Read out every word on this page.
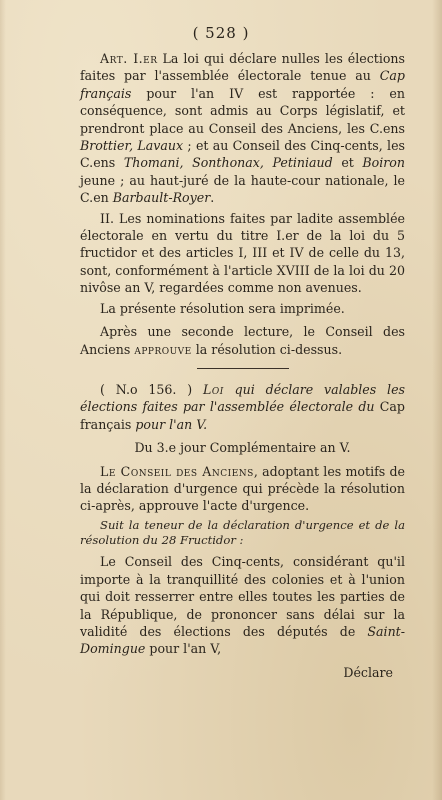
( 528 )

Art. I.er La loi qui déclare nulles les élections faites par l'assemblée électorale tenue au Cap français pour l'an IV est rapportée : en conséquence, sont admis au Corps législatif, et prendront place au Conseil des Anciens, les C.ens Brottier, Lavaux ; et au Conseil des Cinq-cents, les C.ens Thomani, Sonthonax, Petiniaud et Boiron jeune ; au haut-juré de la haute-cour nationale, le C.en Barbault-Royer.

II. Les nominations faites par ladite assemblée électorale en vertu du titre I.er de la loi du 5 fructidor et des articles I, III et IV de celle du 13, sont, conformément à l'article XVIII de la loi du 20 nivôse an V, regardées comme non avenues.

La présente résolution sera imprimée.

Après une seconde lecture, le Conseil des Anciens approuve la résolution ci-dessus.

( N.o 156. ) Loi qui déclare valables les élections faites par l'assemblée électorale du Cap français pour l'an V.

Du 3.e jour Complémentaire an V.

Le Conseil des Anciens, adoptant les motifs de la déclaration d'urgence qui précède la résolution ci-après, approuve l'acte d'urgence.

Suit la teneur de la déclaration d'urgence et de la résolution du 28 Fructidor :

Le Conseil des Cinq-cents, considérant qu'il importe à la tranquillité des colonies et à l'union qui doit resserrer entre elles toutes les parties de la République, de prononcer sans délai sur la validité des élections des députés de Saint-Domingue pour l'an V,

Déclare
